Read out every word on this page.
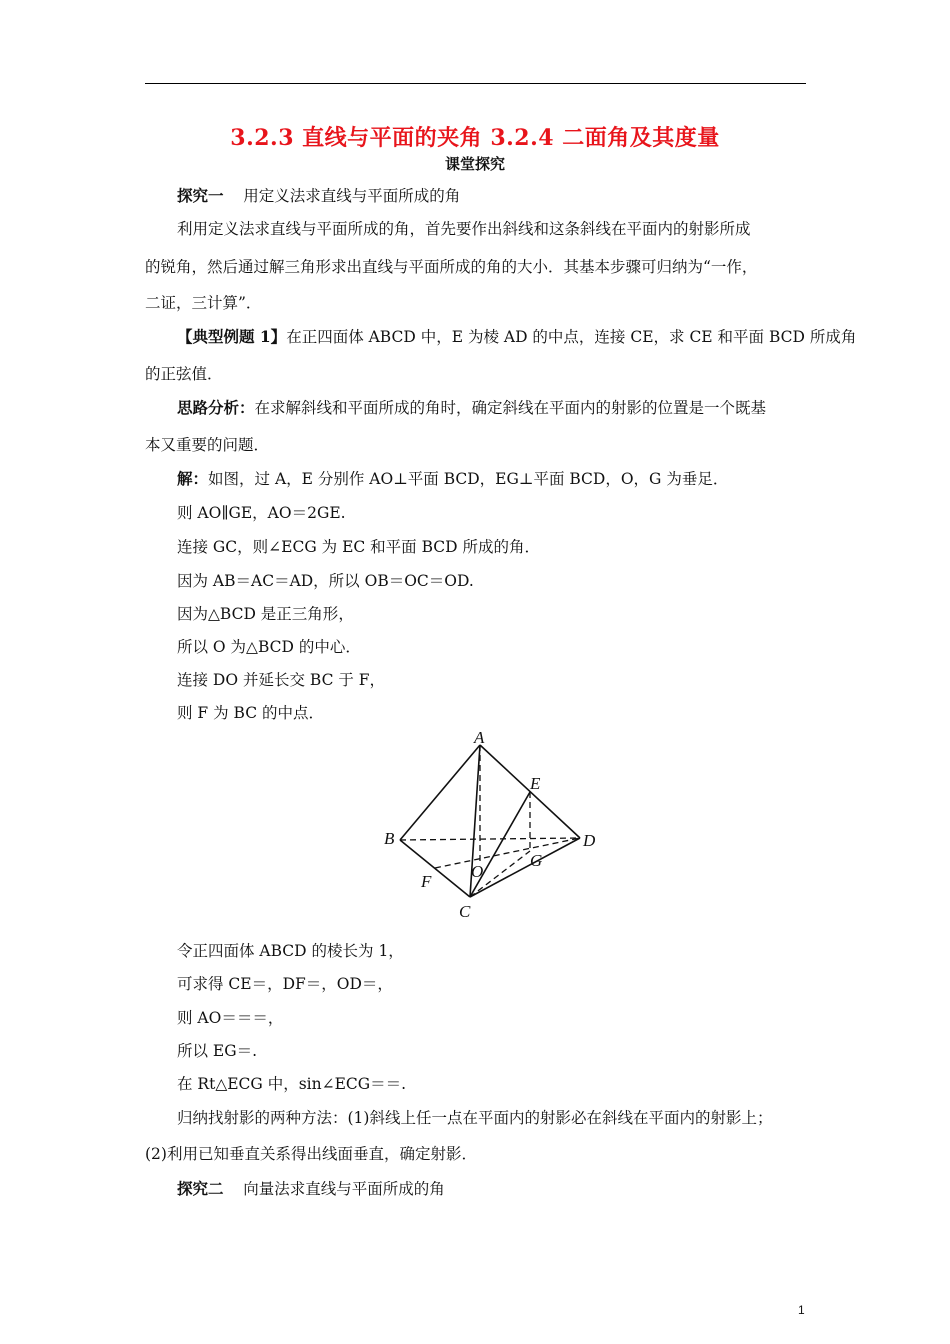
3.2.3 直线与平面的夹角 3.2.4 二面角及其度量
课堂探究
探究一 用定义法求直线与平面所成的角
利用定义法求直线与平面所成的角，首先要作出斜线和这条斜线在平面内的射影所成
的锐角，然后通过解三角形求出直线与平面所成的角的大小．其基本步骤可归纳为“一作，
二证，三计算”．
【典型例题 1】在正四面体 ABCD 中，E 为棱 AD 的中点，连接 CE，求 CE 和平面 BCD 所成角
的正弦值．
思路分析：在求解斜线和平面所成的角时，确定斜线在平面内的射影的位置是一个既基
本又重要的问题．
解：如图，过 A，E 分别作 AO⊥平面 BCD，EG⊥平面 BCD，O，G 为垂足．
则 AO∥GE，AO＝2GE.
连接 GC，则∠ECG 为 EC 和平面 BCD 所成的角．
因为 AB＝AC＝AD，所以 OB＝OC＝OD.
因为△BCD 是正三角形，
所以 O 为△BCD 的中心．
连接 DO 并延长交 BC 于 F，
则 F 为 BC 的中点．
A
B
C
D
E
F
G
O
令正四面体 ABCD 的棱长为 1，
可求得 CE＝，DF＝，OD＝，
则 AO＝＝＝，
所以 EG＝.
在 Rt△ECG 中，sin∠ECG＝＝.
归纳找射影的两种方法：(1)斜线上任一点在平面内的射影必在斜线在平面内的射影上；
(2)利用已知垂直关系得出线面垂直，确定射影．
探究二 向量法求直线与平面所成的角
1
